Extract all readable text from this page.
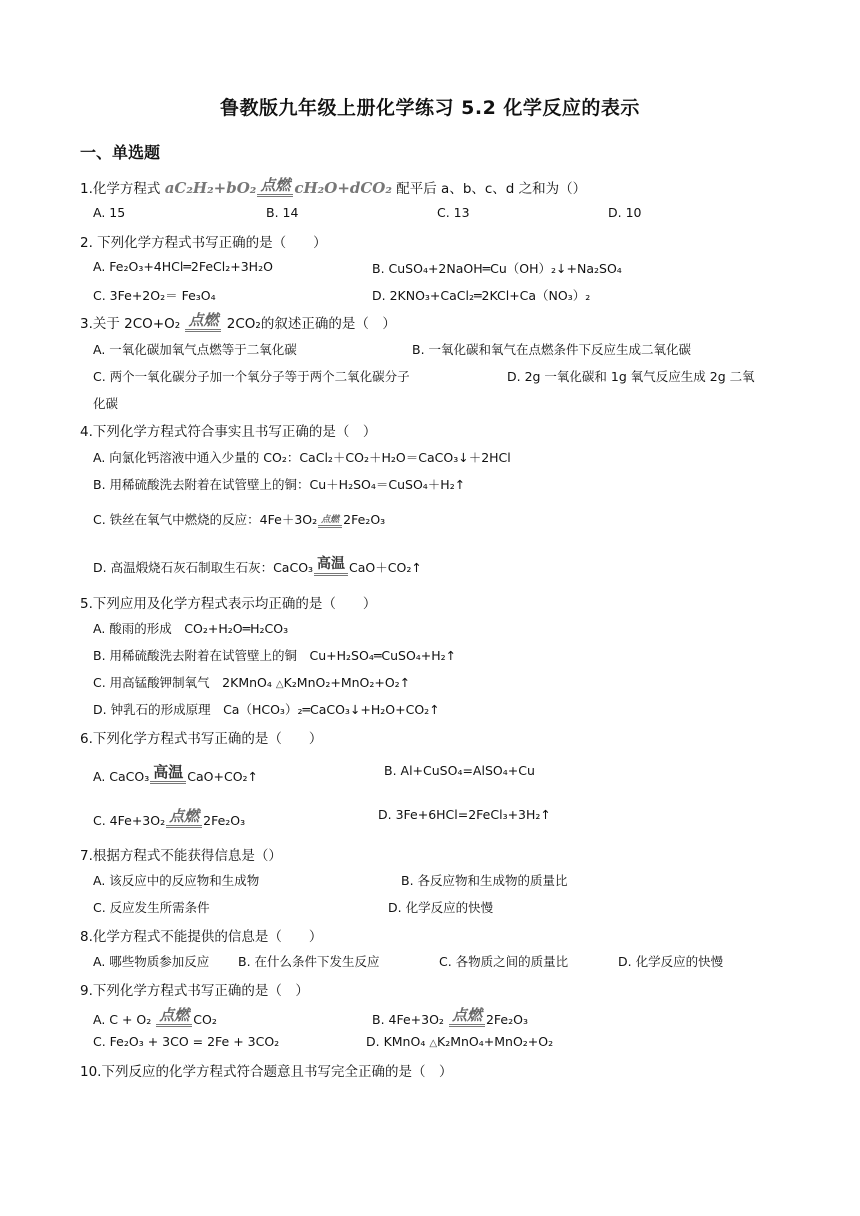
鲁教版九年级上册化学练习 5.2 化学反应的表示
一、单选题
1.化学方程式 aC₂H₂+bO₂ 点燃 cH₂O+dCO₂ 配平后 a、b、c、d 之和为（）
A. 15	B. 14	C. 13	D. 10
2. 下列化学方程式书写正确的是（　　）
A. Fe₂O₃+4HCl═2FeCl₂+3H₂O	B. CuSO₄+2NaOH═Cu（OH）₂↓+Na₂SO₄
C. 3Fe+2O₂＝ Fe₃O₄	D. 2KNO₃+CaCl₂═2KCl+Ca（NO₃）₂
3.关于 2CO+O₂ 点燃 2CO₂的叙述正确的是（　）
A. 一氧化碳加氧气点燃等于二氧化碳	B. 一氧化碳和氧气在点燃条件下反应生成二氧化碳
C. 两个一氧化碳分子加一个氧分子等于两个二氧化碳分子	D. 2g 一氧化碳和 1g 氧气反应生成 2g 二氧
化碳
4.下列化学方程式符合事实且书写正确的是（　）
A. 向氯化钙溶液中通入少量的 CO₂：CaCl₂＋CO₂＋H₂O＝CaCO₃↓＋2HCl
B. 用稀硫酸洗去附着在试管壁上的铜：Cu＋H₂SO₄＝CuSO₄＋H₂↑
C. 铁丝在氧气中燃烧的反应：4Fe＋3O₂ 点燃 2Fe₂O₃
D. 高温煅烧石灰石制取生石灰：CaCO₃ 高温 CaO＋CO₂↑
5.下列应用及化学方程式表示均正确的是（　　）
A. 酸雨的形成　CO₂+H₂O═H₂CO₃
B. 用稀硫酸洗去附着在试管壁上的铜　Cu+H₂SO₄═CuSO₄+H₂↑
C. 用高锰酸钾制氧气　2KMnO₄ △K₂MnO₂+MnO₂+O₂↑
D. 钟乳石的形成原理　Ca（HCO₃）₂═CaCO₃↓+H₂O+CO₂↑
6.下列化学方程式书写正确的是（　　）
A. CaCO₃ 高温 CaO+CO₂↑	B. Al+CuSO₄=AlSO₄+Cu
C. 4Fe+3O₂ 点燃 2Fe₂O₃	D. 3Fe+6HCl=2FeCl₃+3H₂↑
7.根据方程式不能获得信息是（）
A. 该反应中的反应物和生成物	B. 各反应物和生成物的质量比
C. 反应发生所需条件	D. 化学反应的快慢
8.化学方程式不能提供的信息是（　　）
A. 哪些物质参加反应 B. 在什么条件下发生反应	C. 各物质之间的质量比	D. 化学反应的快慢
9.下列化学方程式书写正确的是（　）
A. C + O₂ 点燃 CO₂	B. 4Fe+3O₂ 点燃 2Fe₂O₃
C. Fe₂O₃ + 3CO = 2Fe + 3CO₂	D. KMnO₄ △K₂MnO₄+MnO₂+O₂
10.下列反应的化学方程式符合题意且书写完全正确的是（　）
